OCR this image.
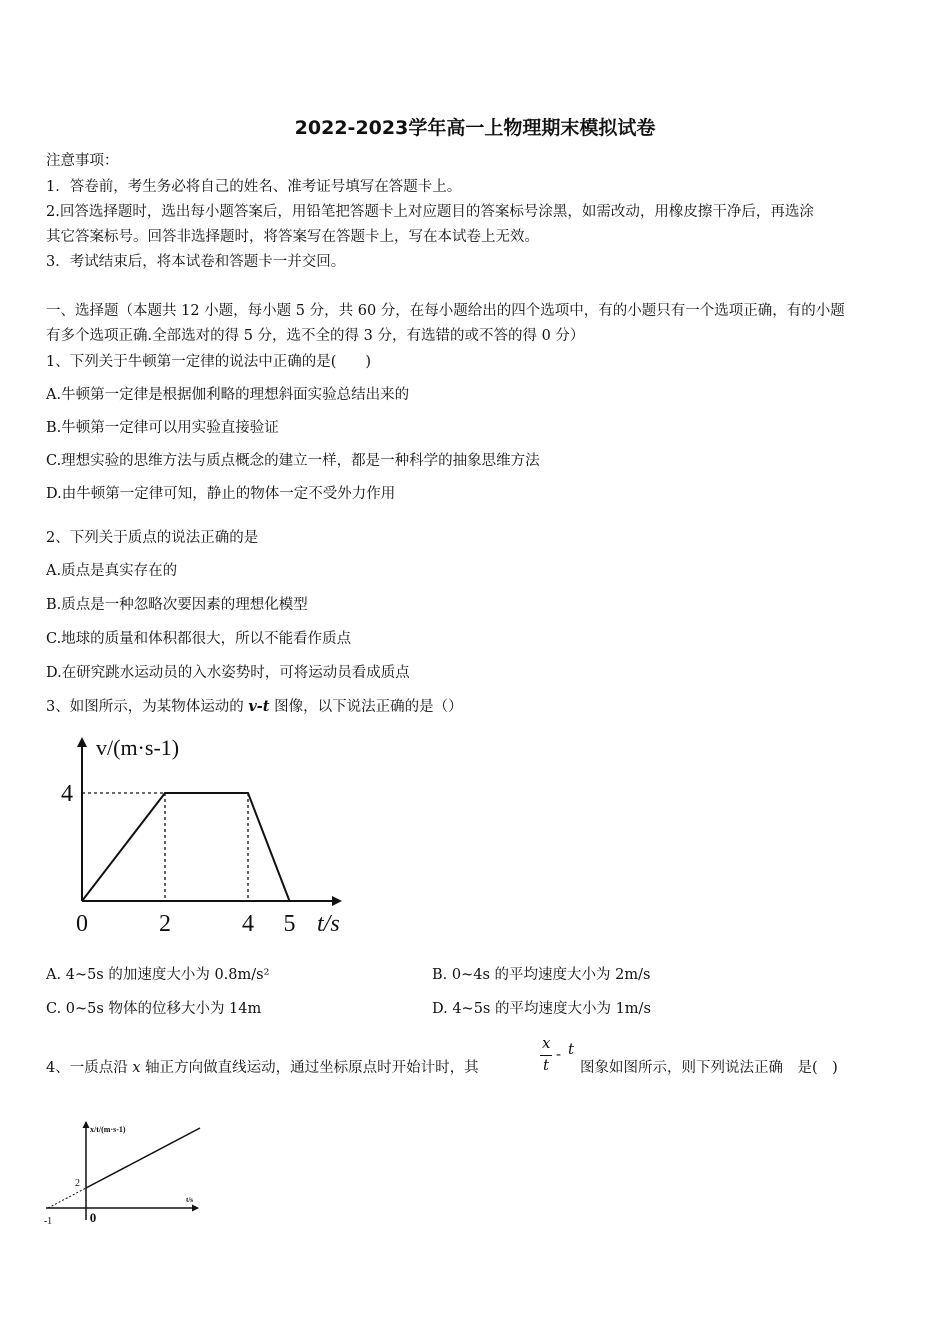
2022-2023学年高一上物理期末模拟试卷
注意事项：
1．答卷前，考生务必将自己的姓名、准考证号填写在答题卡上。
2.回答选择题时，选出每小题答案后，用铅笔把答题卡上对应题目的答案标号涂黑，如需改动，用橡皮擦干净后，再选涂
其它答案标号。回答非选择题时，将答案写在答题卡上，写在本试卷上无效。
3．考试结束后，将本试卷和答题卡一并交回。
一、选择题（本题共 12 小题，每小题 5 分，共 60 分，在每小题给出的四个选项中，有的小题只有一个选项正确，有的小题
有多个选项正确.全部选对的得 5 分，选不全的得 3 分，有选错的或不答的得 0 分）
1、下列关于牛顿第一定律的说法中正确的是(　　)
A.牛顿第一定律是根据伽利略的理想斜面实验总结出来的
B.牛顿第一定律可以用实验直接验证
C.理想实验的思维方法与质点概念的建立一样，都是一种科学的抽象思维方法
D.由牛顿第一定律可知，静止的物体一定不受外力作用
2、下列关于质点的说法正确的是
A.质点是真实存在的
B.质点是一种忽略次要因素的理想化模型
C.地球的质量和体积都很大，所以不能看作质点
D.在研究跳水运动员的入水姿势时，可将运动员看成质点
3、如图所示，为某物体运动的 v-t 图像，以下说法正确的是（）
0	2	4 5
4
v/(m·s-1)
t/s
A. 4~5s 的加速度大小为 0.8m/s²	B. 0~4s 的平均速度大小为 2m/s
C. 0~5s 物体的位移大小为 14m	D. 4~5s 的平均速度大小为 1m/s
4、一质点沿 x 轴正方向做直线运动，通过坐标原点时开始计时，其
x
t
- t
图象如图所示，则下列说法正确　是(　)
-1	0
2
x/t/(m·s-1)
t/s
